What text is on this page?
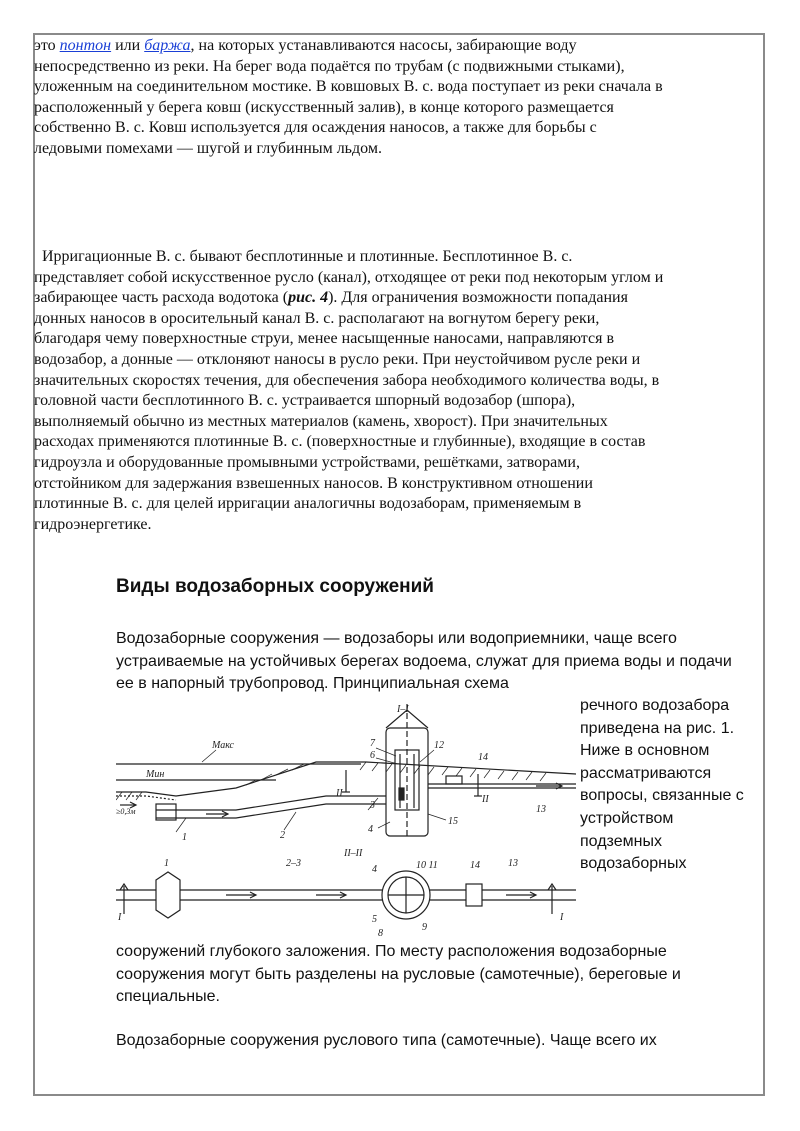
это понтон или баржа, на которых устанавливаются насосы, забирающие воду непосредственно из реки. На берег вода подаётся по трубам (с подвижными стыками), уложенным на соединительном мостике. В ковшовых В. с. вода поступает из реки сначала в расположенный у берега ковш (искусственный залив), в конце которого размещается собственно В. с. Ковш используется для осаждения наносов, а также для борьбы с ледовыми помехами — шугой и глубинным льдом.

Ирригационные В. с. бывают бесплотинные и плотинные. Бесплотинное В. с. представляет собой искусственное русло (канал), отходящее от реки под некоторым углом и забирающее часть расхода водотока (рис. 4). Для ограничения возможности попадания донных наносов в оросительный канал В. с. располагают на вогнутом берегу реки, благодаря чему поверхностные струи, менее насыщенные наносами, направляются в водозабор, а донные — отклоняют наносы в русло реки. При неустойчивом русле реки и значительных скоростях течения, для обеспечения забора необходимого количества воды, в головной части бесплотинного В. с. устраивается шпорный водозабор (шпора), выполняемый обычно из местных материалов (камень, хворост). При значительных расходах применяются плотинные В. с. (поверхностные и глубинные), входящие в состав гидроузла и оборудованные промывными устройствами, решётками, затворами, отстойником для задержания взвешенных наносов. В конструктивном отношении плотинные В. с. для целей ирригации аналогичны водозаборам, применяемым в гидроэнергетике.

Виды водозаборных сооружений

Водозаборные сооружения — водозаборы или водоприемники, чаще всего устраиваемые на устойчивых берегах водоема, служат для приема воды и подачи ее в напорный трубопровод. Принципиальная схема

речного водозабора приведена на рис. 1. Ниже в основном рассматриваются вопросы, связанные с устройством подземных водозаборных

сооружений глубокого заложения. По месту расположения водозаборные сооружения могут быть разделены на русловые (самотечные), береговые и специальные.

Водозаборные сооружения руслового типа (самотечные). Чаще всего их

I–I
Макс
Мин
≥0,3м
1	2
3
4
7
6
12
15
14
13
II
II
II–II
1	2–3
4	10 11	14	13
5
8
9
I	I
